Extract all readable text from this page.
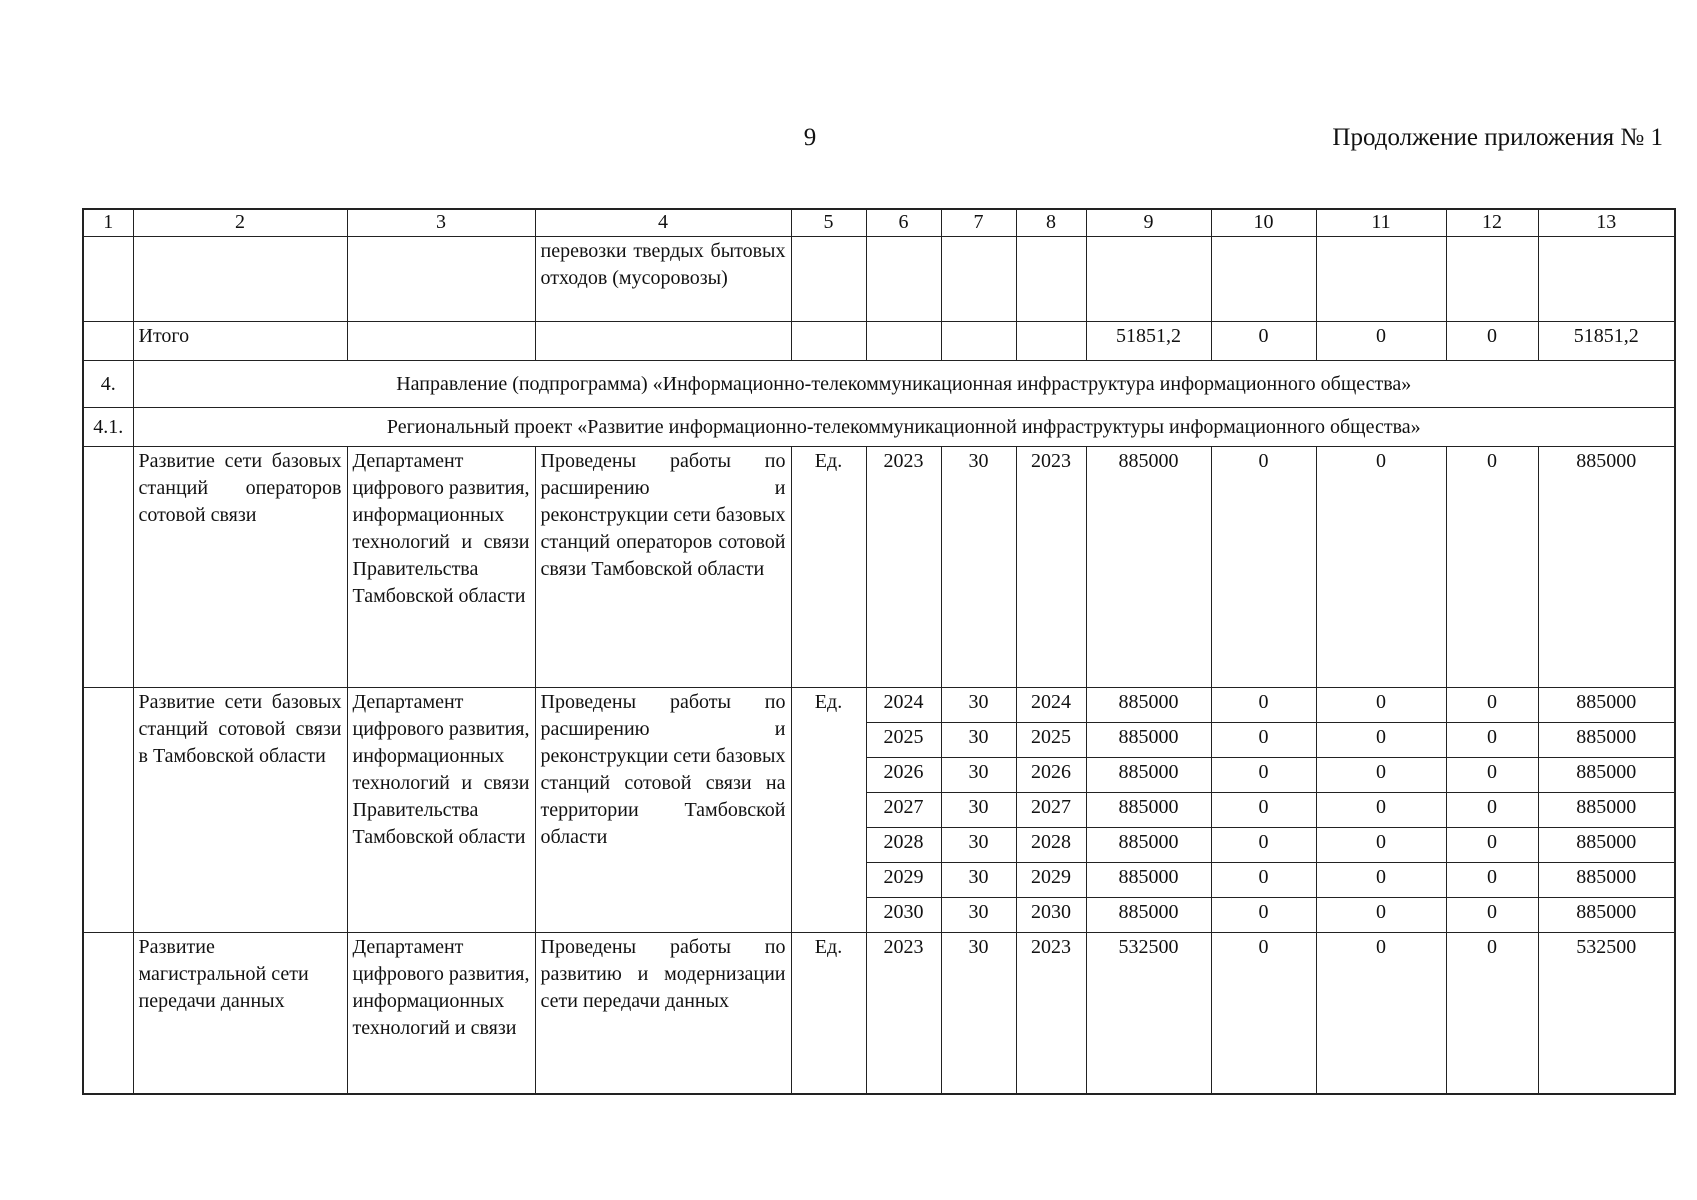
9	Продолжение приложения № 1
1	2	3	4	5	6	7	8	9	10	11	12	13
			перевозки твердых бытовых отходов (мусоровозы)									
	Итого							51851,2	0	0	0	51851,2
4.	Направление (подпрограмма) «Информационно-телекоммуникационная инфраструктура информационного общества»											
4.1.	Региональный проект «Развитие информационно-телекоммуникационной инфраструктуры информационного общества»											
	Развитие сети базовых станций операторов сотовой связи	Департамент цифрового развития, информационных технологий и связи Правительства Тамбовской области	Проведены работы по расширению и реконструкции сети базовых станций операторов сотовой связи Тамбовской области	Ед.	2023	30	2023	885000	0	0	0	885000
	Развитие сети базовых станций сотовой связи в Тамбовской области	Департамент цифрового развития, информационных технологий и связи Правительства Тамбовской области	Проведены работы по расширению и реконструкции сети базовых станций сотовой связи на территории Тамбовской области	Ед.	2024	30	2024	885000	0	0	0	885000
					2025	30	2025	885000	0	0	0	885000
					2026	30	2026	885000	0	0	0	885000
					2027	30	2027	885000	0	0	0	885000
					2028	30	2028	885000	0	0	0	885000
					2029	30	2029	885000	0	0	0	885000
					2030	30	2030	885000	0	0	0	885000
	Развитие магистральной сети передачи данных	Департамент цифрового развития, информационных технологий и связи	Проведены работы по развитию и модернизации сети передачи данных	Ед.	2023	30	2023	532500	0	0	0	532500
